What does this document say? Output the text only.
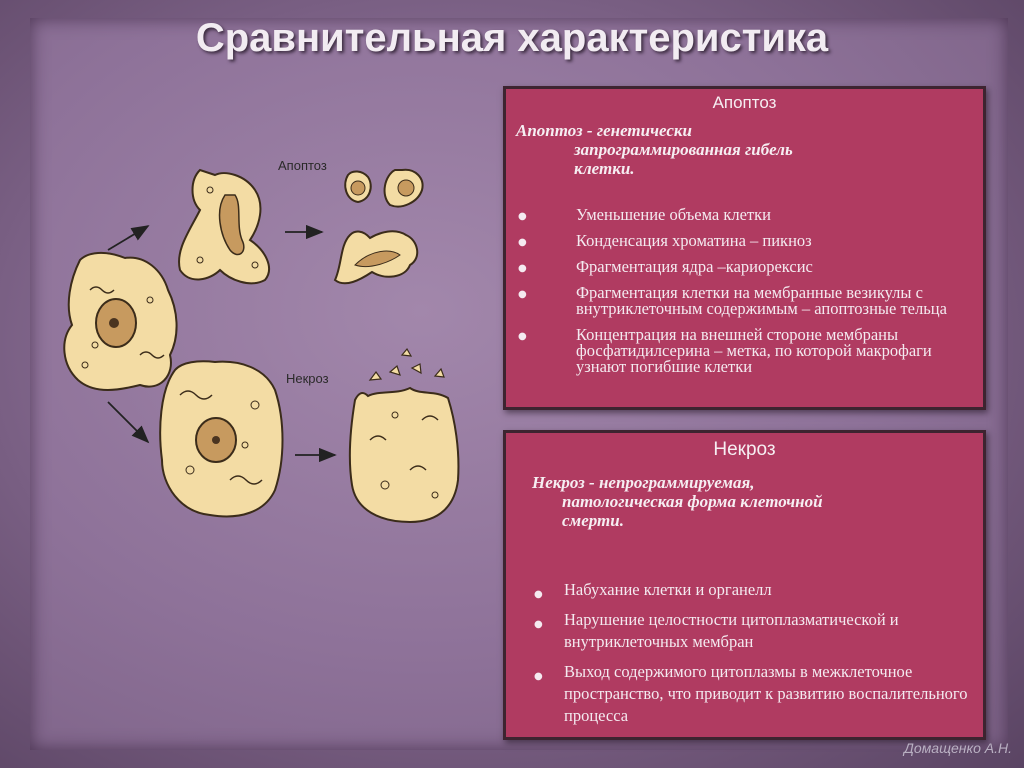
Сравнительная характеристика
Апоптоз
Некроз
Апоптоз
Апоптоз - генетически
запрограммированная гибель
клетки.
●	Уменьшение объема клетки
●	Конденсация хроматина – пикноз
●	Фрагментация ядра –кариорексис
●	Фрагментация клетки на мембранные везикулы с внутриклеточным содержимым – апоптозные тельца
●	Концентрация на внешней стороне мембраны фосфатидилсерина – метка, по которой макрофаги узнают погибшие клетки
Некроз
Некроз - непрограммируемая,
патологическая форма клеточной
смерти.
● Набухание клетки и органелл
● Нарушение целостности цитоплазматической и внутриклеточных мембран
● Выход содержимого цитоплазмы в межклеточное пространство, что приводит к развитию воспалительного процесса
Домащенко А.Н.
